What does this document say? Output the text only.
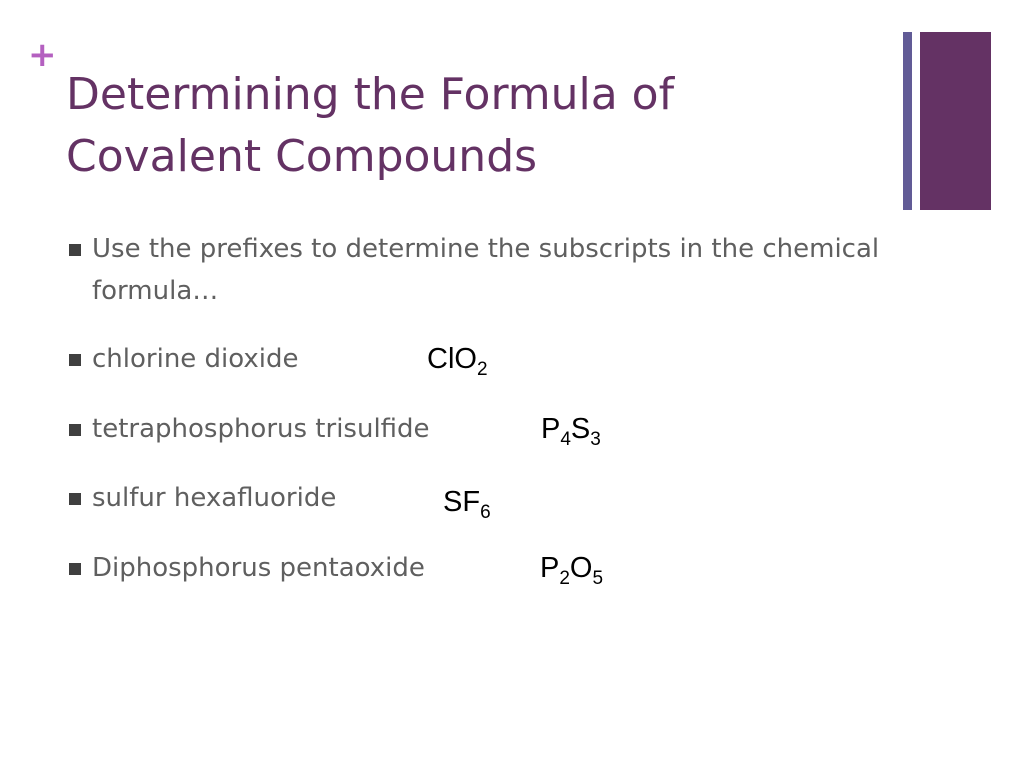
+
Determining the Formula of
Covalent Compounds
Use the prefixes to determine the subscripts in the chemical formula…
chlorine dioxide	ClO$_2$
tetraphosphorus trisulfide	$P_4S_3$
sulfur hexafluoride	$SF_6$
Diphosphorus pentaoxide	$P_2O_5$
